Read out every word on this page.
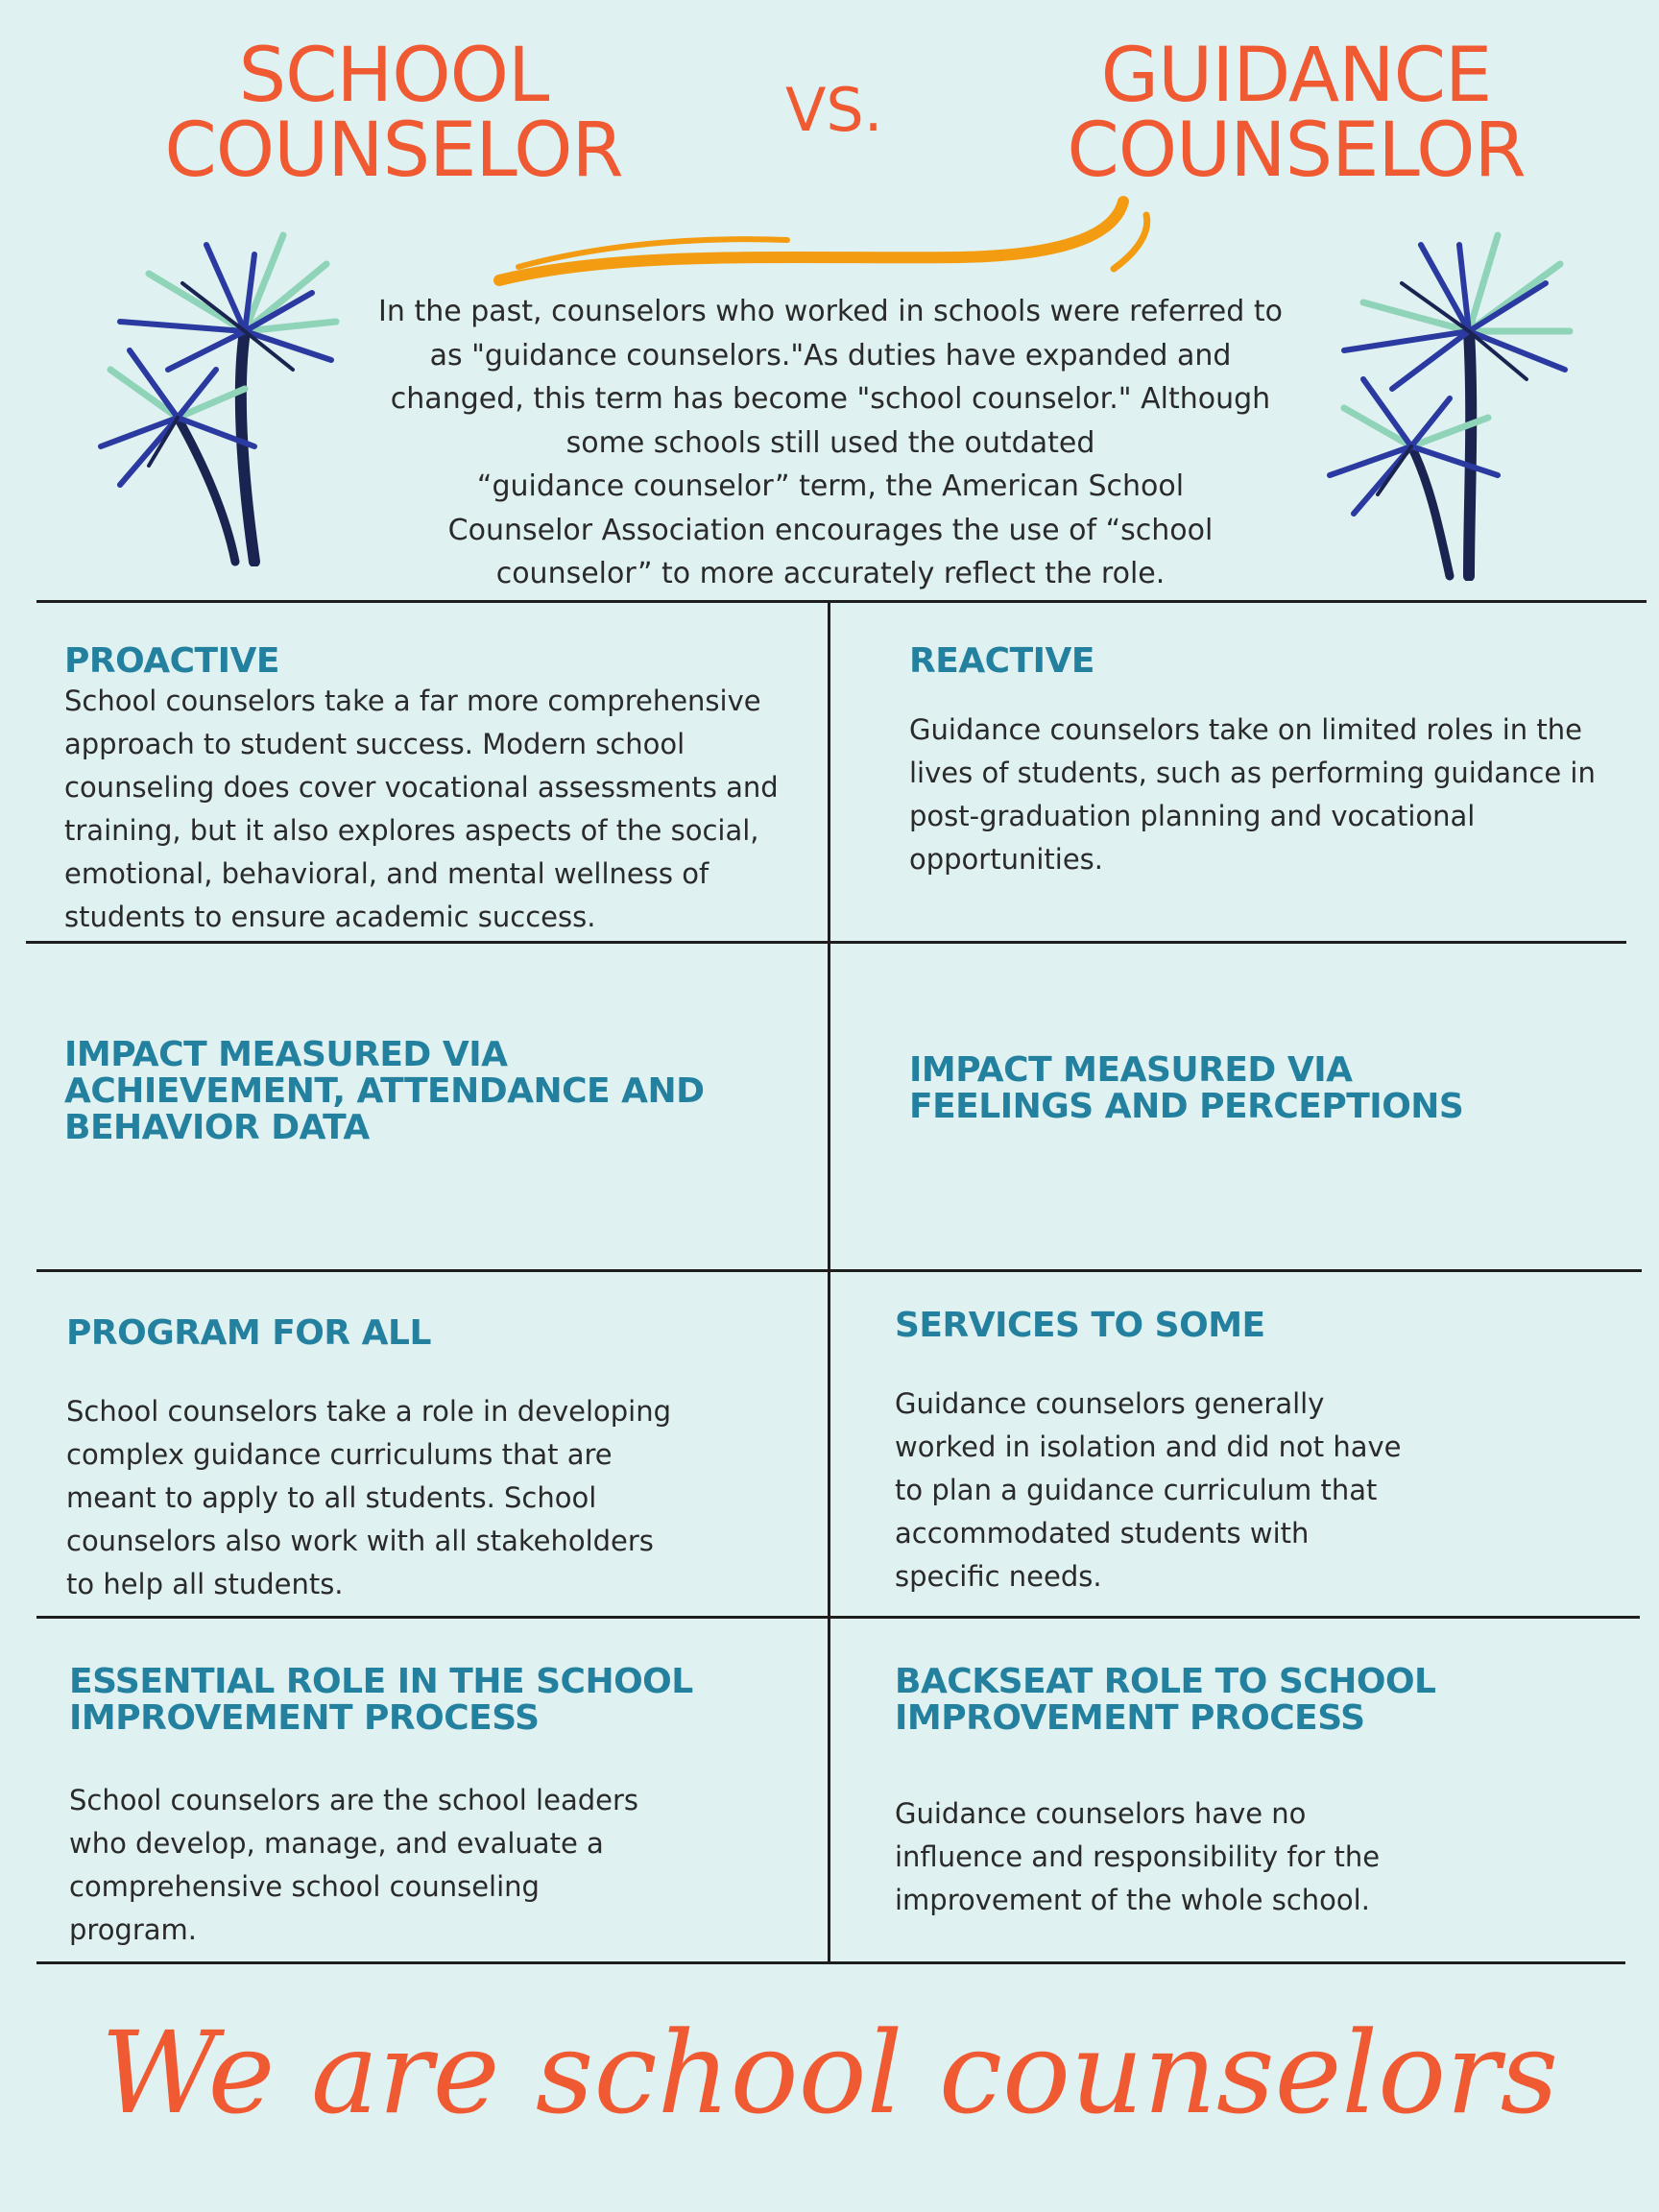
SCHOOL
COUNSELOR	VS.	GUIDANCE
COUNSELOR
In the past, counselors who worked in schools were referred to
as "guidance counselors."As duties have expanded and
changed, this term has become "school counselor." Although
some schools still used the outdated
“guidance counselor” term, the American School
Counselor Association encourages the use of “school
counselor” to more accurately reflect the role.
PROACTIVE
School counselors take a far more comprehensive
approach to student success. Modern school
counseling does cover vocational assessments and
training, but it also explores aspects of the social,
emotional, behavioral, and mental wellness of
students to ensure academic success.
REACTIVE
Guidance counselors take on limited roles in the
lives of students, such as performing guidance in
post-graduation planning and vocational
opportunities.
IMPACT MEASURED VIA
ACHIEVEMENT, ATTENDANCE AND
BEHAVIOR DATA
IMPACT MEASURED VIA
FEELINGS AND PERCEPTIONS
PROGRAM FOR ALL
School counselors take a role in developing
complex guidance curriculums that are
meant to apply to all students. School
counselors also work with all stakeholders
to help all students.
SERVICES TO SOME
Guidance counselors generally
worked in isolation and did not have
to plan a guidance curriculum that
accommodated students with
specific needs.
ESSENTIAL ROLE IN THE SCHOOL
IMPROVEMENT PROCESS
School counselors are the school leaders
who develop, manage, and evaluate a
comprehensive school counseling
program.
BACKSEAT ROLE TO SCHOOL
IMPROVEMENT PROCESS
Guidance counselors have no
influence and responsibility for the
improvement of the whole school.
We are school counselors
